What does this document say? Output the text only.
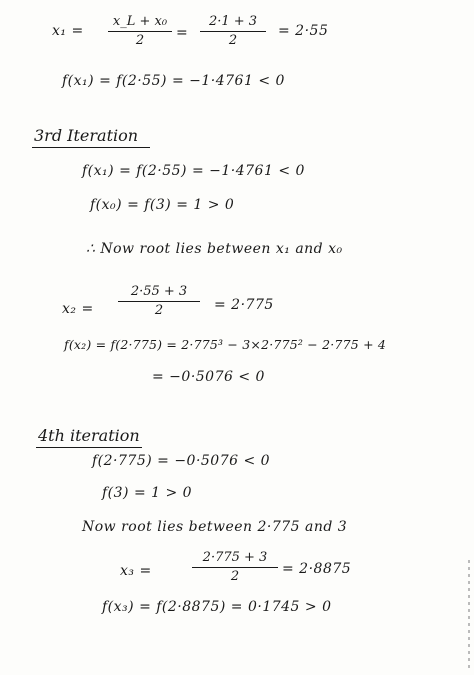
x₁ =
x_L + x₀
2	=
2·1 + 3
2
= 2·55
f(x₁) = f(2·55) = −1·4761 < 0
3rd Iteration
f(x₁) = f(2·55) = −1·4761 < 0
f(x₀) = f(3) = 1 > 0
∴ Now root lies between x₁ and x₀
x₂ =
2·55 + 3
2	= 2·775
f(x₂) = f(2·775) = 2·775³ − 3×2·775² − 2·775 + 4
= −0·5076 < 0
4th iteration
f(2·775) = −0·5076 < 0
f(3) = 1 > 0
Now root lies between 2·775 and 3
x₃ =
2·775 + 3
2	= 2·8875
f(x₃) = f(2·8875) = 0·1745 > 0
